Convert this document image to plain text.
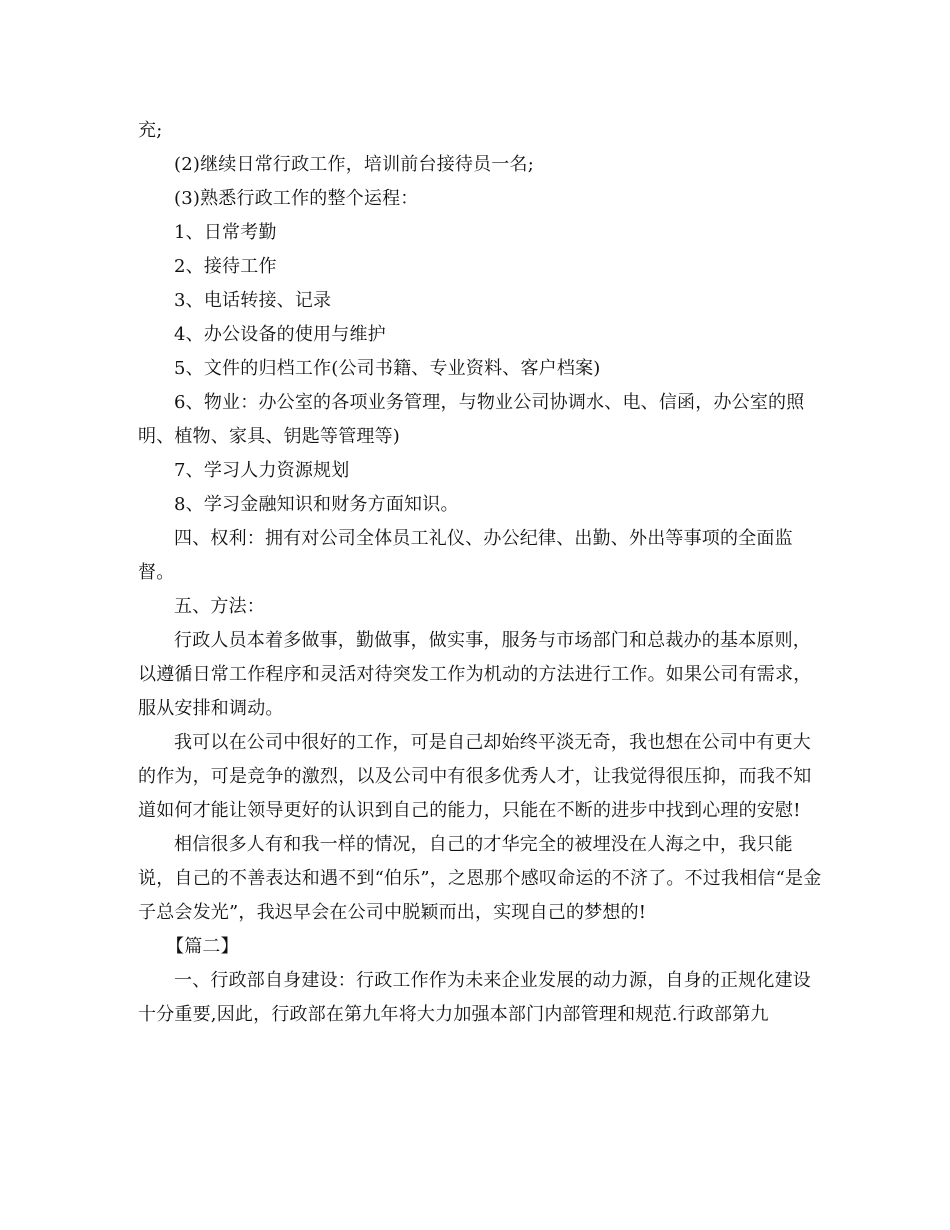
充;

(2)继续日常行政工作，培训前台接待员一名;

(3)熟悉行政工作的整个运程：

1、日常考勤

2、接待工作

3、电话转接、记录

4、办公设备的使用与维护

5、文件的归档工作(公司书籍、专业资料、客户档案)

6、物业：办公室的各项业务管理，与物业公司协调水、电、信函，办公室的照明、植物、家具、钥匙等管理等)

7、学习人力资源规划

8、学习金融知识和财务方面知识。

四、权利：拥有对公司全体员工礼仪、办公纪律、出勤、外出等事项的全面监督。

五、方法：

行政人员本着多做事，勤做事，做实事，服务与市场部门和总裁办的基本原则，以遵循日常工作程序和灵活对待突发工作为机动的方法进行工作。如果公司有需求，服从安排和调动。

我可以在公司中很好的工作，可是自己却始终平淡无奇，我也想在公司中有更大的作为，可是竞争的激烈，以及公司中有很多优秀人才，让我觉得很压抑，而我不知道如何才能让领导更好的认识到自己的能力，只能在不断的进步中找到心理的安慰!

相信很多人有和我一样的情况，自己的才华完全的被埋没在人海之中，我只能说，自己的不善表达和遇不到“伯乐”，之恩那个感叹命运的不济了。不过我相信“是金子总会发光”，我迟早会在公司中脱颖而出，实现自己的梦想的!

【篇二】

一、行政部自身建设：行政工作作为未来企业发展的动力源，自身的正规化建设十分重要,因此，行政部在第九年将大力加强本部门内部管理和规范.行政部第九
